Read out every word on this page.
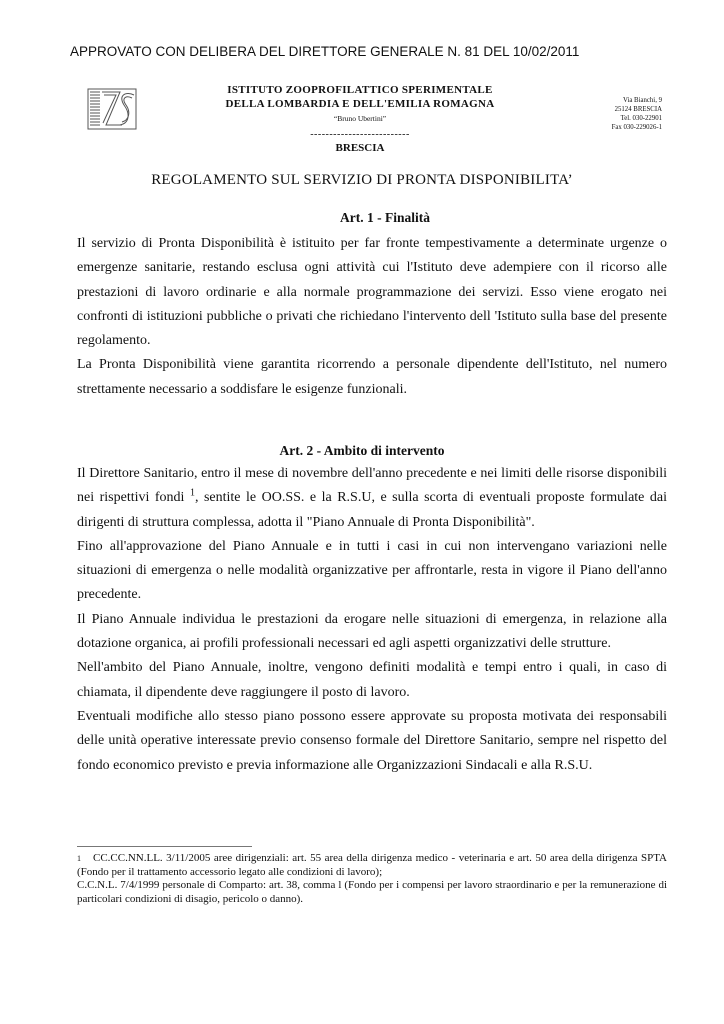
APPROVATO CON DELIBERA DEL DIRETTORE GENERALE N. 81 DEL 10/02/2011
ISTITUTO ZOOPROFILATTICO SPERIMENTALE
DELLA LOMBARDIA E DELL'EMILIA ROMAGNA
“Bruno Ubertini”
--------------------------
BRESCIA
Via Bianchi, 9
25124 BRESCIA
Tel. 030-22901
Fax 030-229026-1
REGOLAMENTO SUL SERVIZIO DI PRONTA DISPONIBILITA’
Art. 1 - Finalità

Il servizio di Pronta Disponibilità è istituito per far fronte tempestivamente a determinate urgenze o emergenze sanitarie, restando esclusa ogni attività cui l'Istituto deve adempiere con il ricorso alle prestazioni di lavoro ordinarie e alla normale programmazione dei servizi. Esso viene erogato nei confronti di istituzioni pubbliche o privati che richiedano l'intervento dell 'Istituto sulla base del presente regolamento.

La Pronta Disponibilità viene garantita ricorrendo a personale dipendente dell'Istituto, nel numero strettamente necessario a soddisfare le esigenze funzionali.

Art. 2 - Ambito di intervento

Il Direttore Sanitario, entro il mese di novembre dell'anno precedente e nei limiti delle risorse disponibili nei rispettivi fondi $^1$, sentite le OO.SS. e la R.S.U, e sulla scorta di eventuali proposte formulate dai dirigenti di struttura complessa, adotta il "Piano Annuale di Pronta Disponibilità".

Fino all'approvazione del Piano Annuale e in tutti i casi in cui non intervengano variazioni nelle situazioni di emergenza o nelle modalità organizzative per affrontarle, resta in vigore il Piano dell'anno precedente.

Il Piano Annuale individua le prestazioni da erogare nelle situazioni di emergenza, in relazione alla dotazione organica, ai profili professionali necessari ed agli aspetti organizzativi delle strutture.

Nell'ambito del Piano Annuale, inoltre, vengono definiti modalità e tempi entro i quali, in caso di chiamata, il dipendente deve raggiungere il posto di lavoro.

Eventuali modifiche allo stesso piano possono essere approvate su proposta motivata dei responsabili delle unità operative interessate previo consenso formale del Direttore Sanitario, sempre nel rispetto del fondo economico previsto e previa informazione alle Organizzazioni Sindacali e alla R.S.U.

$^1$ CC.CC.NN.LL. 3/11/2005 aree dirigenziali: art. 55 area della dirigenza medico - veterinaria e art. 50 area della dirigenza SPTA (Fondo per il trattamento accessorio legato alle condizioni di lavoro);

C.C.N.L. 7/4/1999 personale di Comparto: art. 38, comma l (Fondo per i compensi per lavoro straordinario e per la remunerazione di particolari condizioni di disagio, pericolo o danno).
